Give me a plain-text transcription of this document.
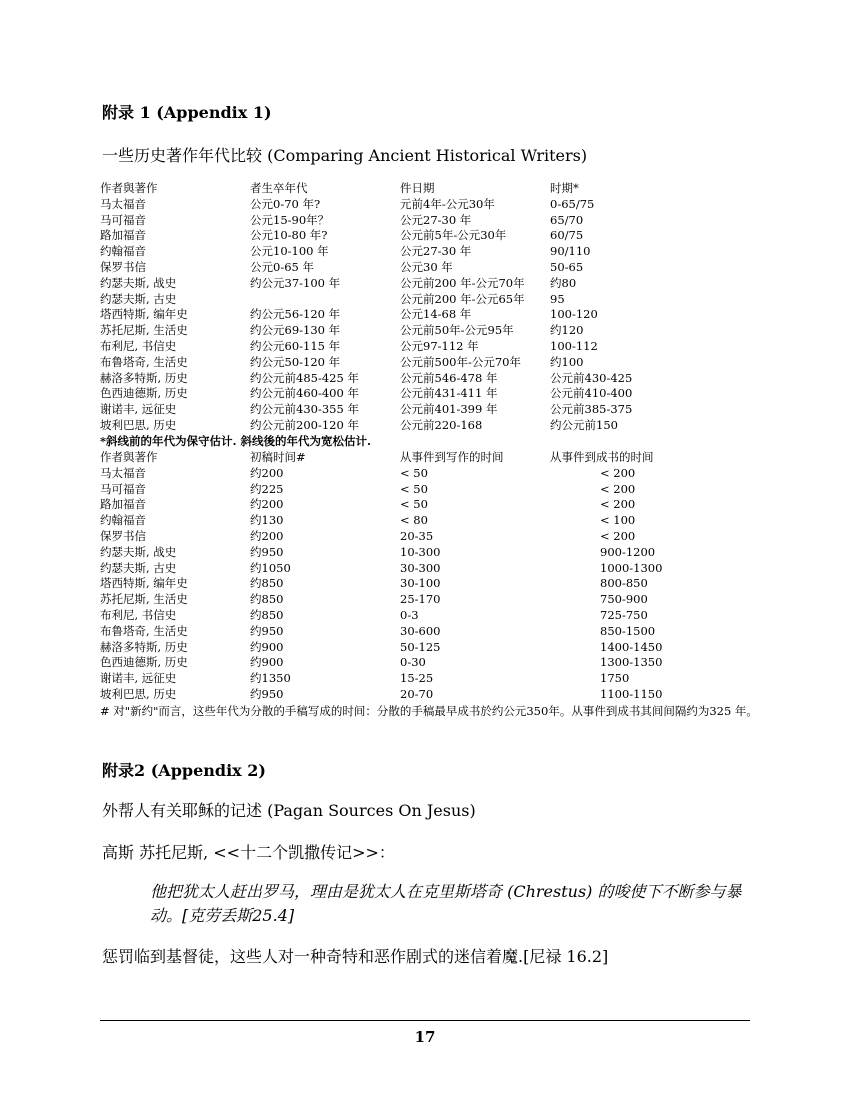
附录 1 (Appendix 1)
一些历史著作年代比较 (Comparing Ancient Historical Writers)
作者與著作	者生卒年代	件日期	时期*
马太福音	公元0-70 年?	元前4年-公元30年	0-65/75
马可福音	公元15-90年？	公元27-30 年	65/70
路加福音	公元10-80 年?	公元前5年-公元30年	60/75
约翰福音	公元10-100 年	公元27-30 年	90/110
保罗书信	公元0-65 年	公元30 年	50-65
约瑟夫斯, 战史	约公元37-100 年	公元前200 年-公元70年	约80
约瑟夫斯, 古史		公元前200 年-公元65年	95
塔西特斯, 编年史	约公元56-120 年	公元14-68 年	100-120
苏托尼斯, 生活史	约公元69-130 年	公元前50年-公元95年	约120
布利尼, 书信史	约公元60-115 年	公元97-112 年	100-112
布鲁塔奇, 生活史	约公元50-120 年	公元前500年-公元70年	约100
赫洛多特斯, 历史	约公元前485-425 年	公元前546-478 年	公元前430-425
色西迪德斯, 历史	约公元前460-400 年	公元前431-411 年	公元前410-400
谢诺丰, 远征史	约公元前430-355 年	公元前401-399 年	公元前385-375
坡利巴思, 历史	约公元前200-120 年	公元前220-168	约公元前150
*斜线前的年代为保守估计. 斜线後的年代为宽松估计.
作者與著作	初稿时间#	从事件到写作的时间	从事件到成书的时间
马太福音	约200	< 50	< 200
马可福音	约225	< 50	< 200
路加福音	约200	< 50	< 200
约翰福音	约130	< 80	< 100
保罗书信	约200	20-35	< 200
约瑟夫斯, 战史	约950	10-300	900-1200
约瑟夫斯, 古史	约1050	30-300	1000-1300
塔西特斯, 编年史	约850	30-100	800-850
苏托尼斯, 生活史	约850	25-170	750-900
布利尼, 书信史	约850	0-3	725-750
布鲁塔奇, 生活史	约950	30-600	850-1500
赫洛多特斯, 历史	约900	50-125	1400-1450
色西迪德斯, 历史	约900	0-30	1300-1350
谢诺丰, 远征史	约1350	15-25	1750
坡利巴思, 历史	约950	20-70	1100-1150
# 对"新约"而言，这些年代为分散的手稿写成的时间：分散的手稿最早成书於约公元350年。从事件到成书其间间隔约为325 年。
附录2 (Appendix 2)
外帮人有关耶稣的记述 (Pagan Sources On Jesus)
高斯 苏托尼斯, <<十二个凯撒传记>>：
他把犹太人赶出罗马，理由是犹太人在克里斯塔奇 (Chrestus) 的唆使下不断参与暴动。[克劳丢斯25.4]
惩罚临到基督徒，这些人对一种奇特和恶作剧式的迷信着魔.[尼禄 16.2]
17
